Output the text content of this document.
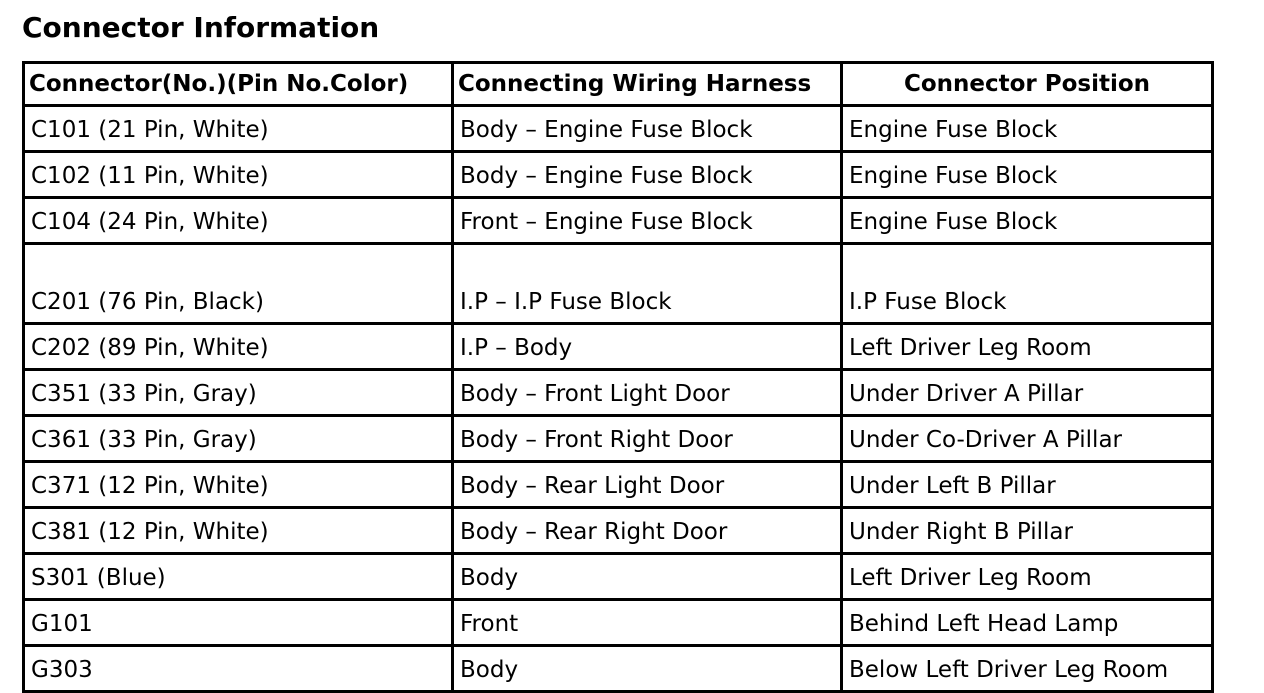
Connector Information
Connector(No.)(Pin No.Color)	Connecting Wiring Harness	Connector Position
C101 (21 Pin, White)	Body – Engine Fuse Block	Engine Fuse Block
C102 (11 Pin, White)	Body – Engine Fuse Block	Engine Fuse Block
C104 (24 Pin, White)	Front – Engine Fuse Block	Engine Fuse Block
C201 (76 Pin, Black)	I.P – I.P Fuse Block	I.P Fuse Block
C202 (89 Pin, White)	I.P – Body	Left Driver Leg Room
C351 (33 Pin, Gray)	Body – Front Light Door	Under Driver A Pillar
C361 (33 Pin, Gray)	Body – Front Right Door	Under Co-Driver A Pillar
C371 (12 Pin, White)	Body – Rear Light Door	Under Left B Pillar
C381 (12 Pin, White)	Body – Rear Right Door	Under Right B Pillar
S301 (Blue)	Body	Left Driver Leg Room
G101	Front	Behind Left Head Lamp
G303	Body	Below Left Driver Leg Room
